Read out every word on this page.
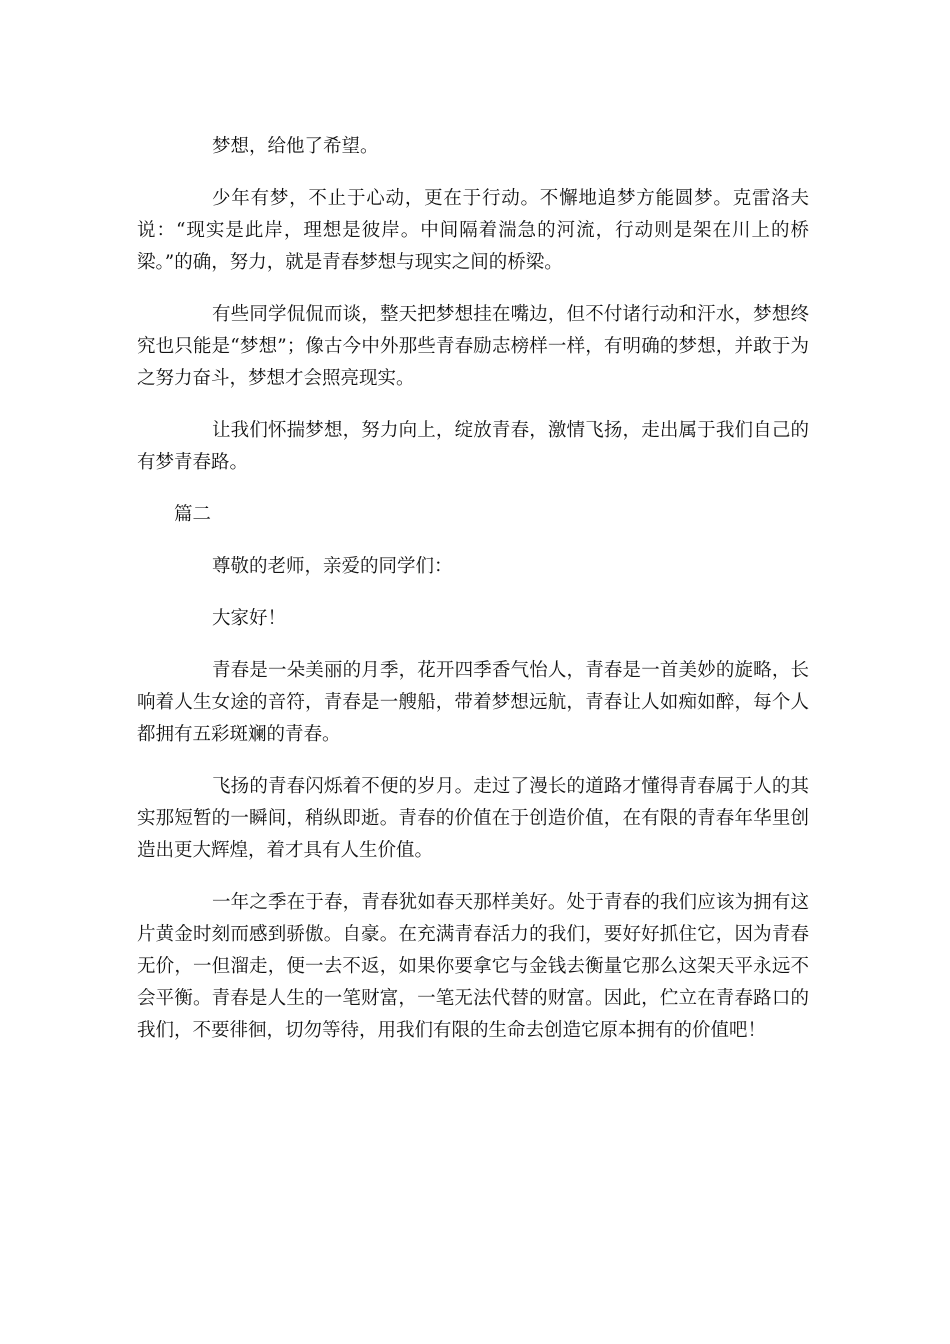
梦想，给他了希望。

少年有梦，不止于心动，更在于行动。不懈地追梦方能圆梦。克雷洛夫说：“现实是此岸，理想是彼岸。中间隔着湍急的河流，行动则是架在川上的桥梁。”的确，努力，就是青春梦想与现实之间的桥梁。

有些同学侃侃而谈，整天把梦想挂在嘴边，但不付诸行动和汗水，梦想终究也只能是“梦想”；像古今中外那些青春励志榜样一样，有明确的梦想，并敢于为之努力奋斗，梦想才会照亮现实。

让我们怀揣梦想，努力向上，绽放青春，激情飞扬，走出属于我们自己的有梦青春路。

篇二

尊敬的老师，亲爱的同学们：

大家好！

青春是一朵美丽的月季，花开四季香气怡人，青春是一首美妙的旋略，长响着人生女途的音符，青春是一艘船，带着梦想远航，青春让人如痴如醉，每个人都拥有五彩斑斓的青春。

飞扬的青春闪烁着不便的岁月。走过了漫长的道路才懂得青春属于人的其实那短暂的一瞬间，稍纵即逝。青春的价值在于创造价值，在有限的青春年华里创造出更大辉煌，着才具有人生价值。

一年之季在于春，青春犹如春天那样美好。处于青春的我们应该为拥有这片黄金时刻而感到骄傲。自豪。在充满青春活力的我们，要好好抓住它，因为青春无价，一但溜走，便一去不返，如果你要拿它与金钱去衡量它那么这架天平永远不会平衡。青春是人生的一笔财富，一笔无法代替的财富。因此，伫立在青春路口的我们，不要徘徊，切勿等待，用我们有限的生命去创造它原本拥有的价值吧！
